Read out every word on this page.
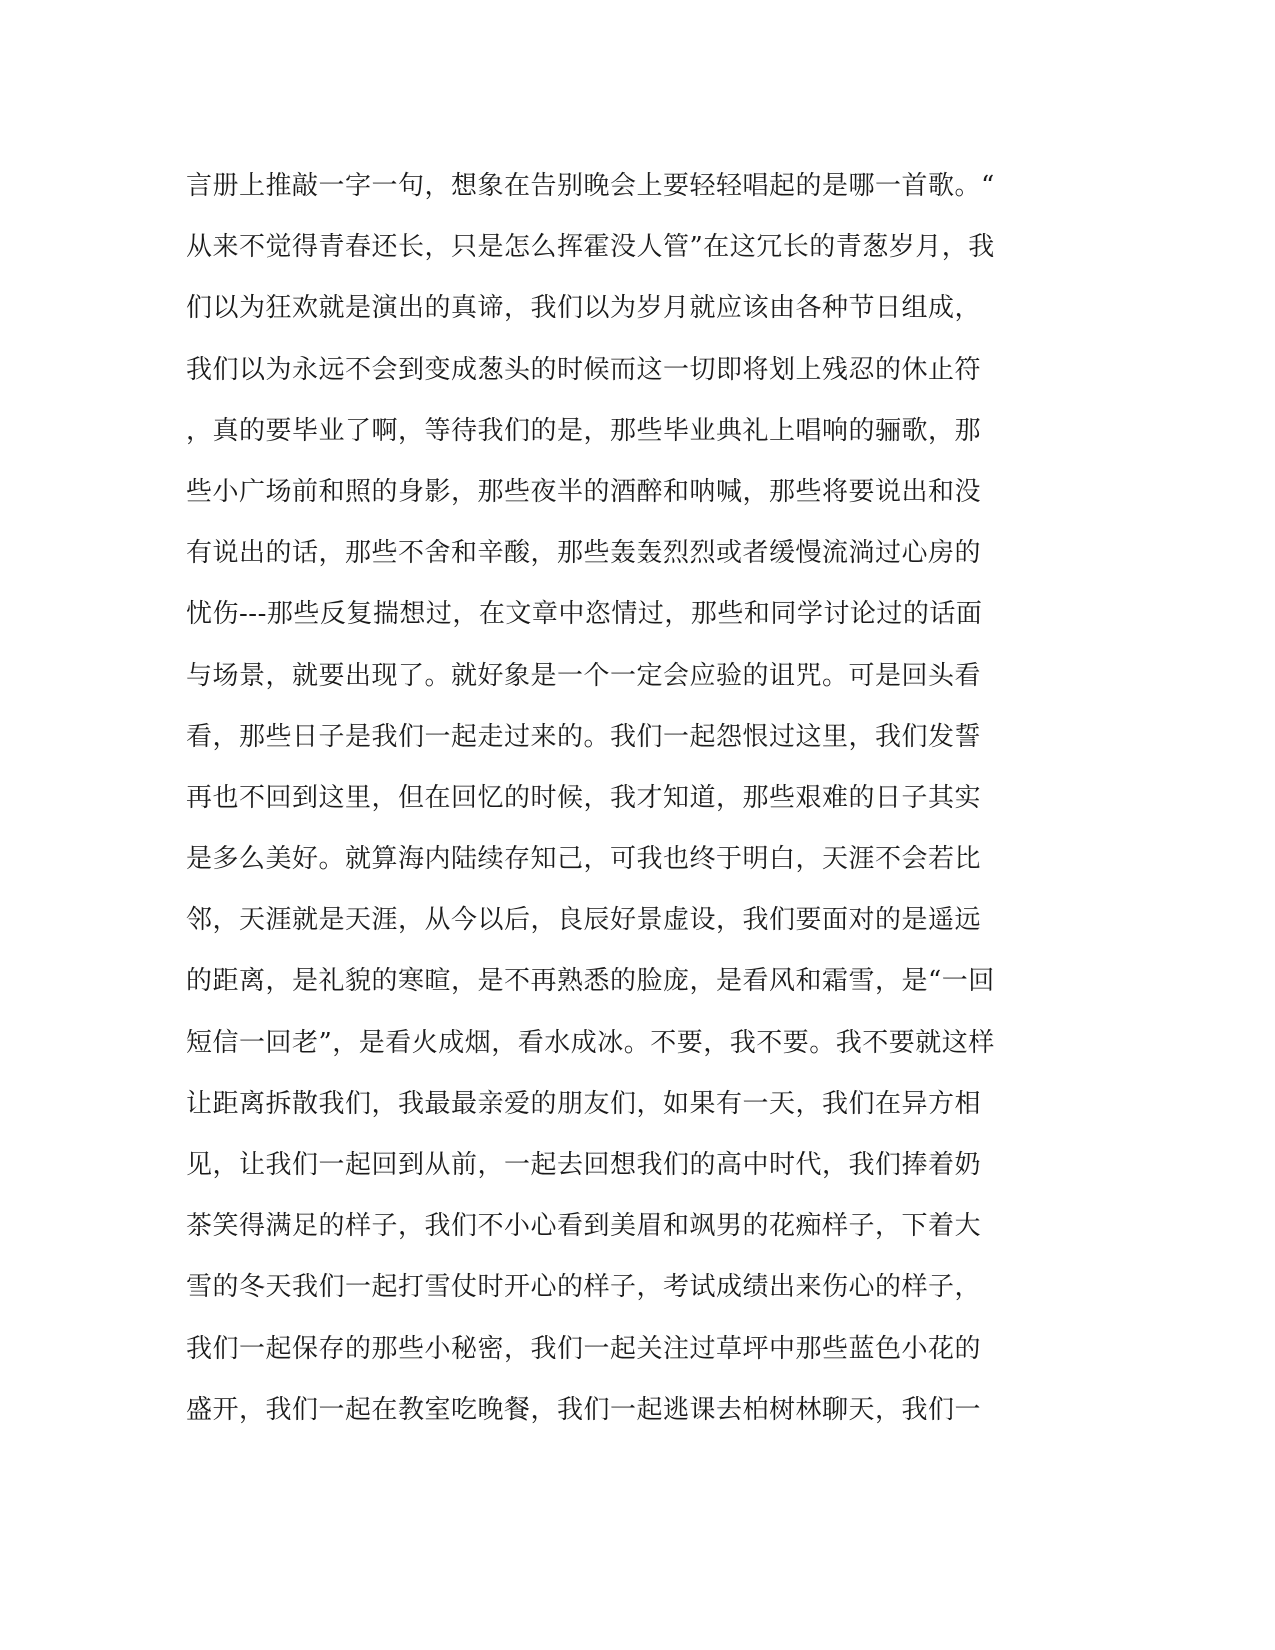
言册上推敲一字一句，想象在告别晚会上要轻轻唱起的是哪一首歌。“
从来不觉得青春还长，只是怎么挥霍没人管”在这冗长的青葱岁月，我
们以为狂欢就是演出的真谛，我们以为岁月就应该由各种节日组成，
我们以为永远不会到变成葱头的时候而这一切即将划上残忍的休止符
，真的要毕业了啊，等待我们的是，那些毕业典礼上唱响的骊歌，那
些小广场前和照的身影，那些夜半的酒醉和呐喊，那些将要说出和没
有说出的话，那些不舍和辛酸，那些轰轰烈烈或者缓慢流淌过心房的
忧伤---那些反复揣想过，在文章中恣情过，那些和同学讨论过的话面
与场景，就要出现了。就好象是一个一定会应验的诅咒。可是回头看
看，那些日子是我们一起走过来的。我们一起怨恨过这里，我们发誓
再也不回到这里，但在回忆的时候，我才知道，那些艰难的日子其实
是多么美好。就算海内陆续存知己，可我也终于明白，天涯不会若比
邻，天涯就是天涯，从今以后，良辰好景虚设，我们要面对的是遥远
的距离，是礼貌的寒暄，是不再熟悉的脸庞，是看风和霜雪，是“一回
短信一回老”，是看火成烟，看水成冰。不要，我不要。我不要就这样
让距离拆散我们，我最最亲爱的朋友们，如果有一天，我们在异方相
见，让我们一起回到从前，一起去回想我们的高中时代，我们捧着奶
茶笑得满足的样子，我们不小心看到美眉和飒男的花痴样子，下着大
雪的冬天我们一起打雪仗时开心的样子，考试成绩出来伤心的样子，
我们一起保存的那些小秘密，我们一起关注过草坪中那些蓝色小花的
盛开，我们一起在教室吃晚餐，我们一起逃课去柏树林聊天，我们一
